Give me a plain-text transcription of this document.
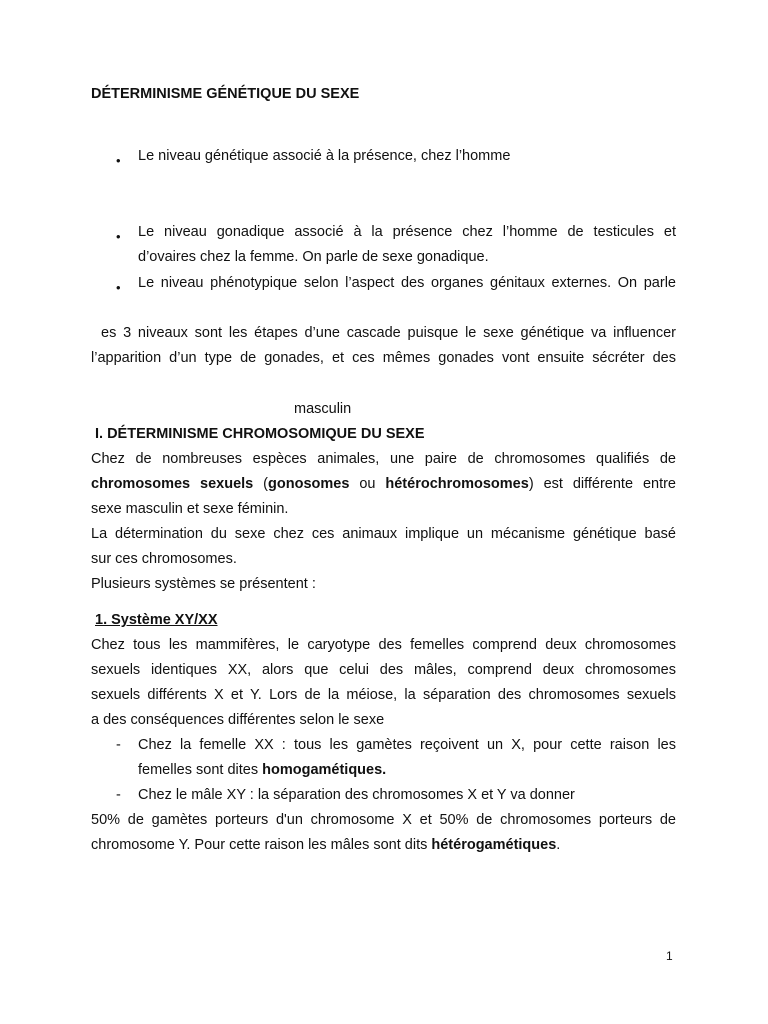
DÉTERMINISME GÉNÉTIQUE DU SEXE
• Le niveau génétique associé à la présence, chez l’homme
• Le niveau gonadique associé à la présence chez l’homme de testicules et
d’ovaires chez la femme. On parle de sexe gonadique.
• Le niveau phénotypique selon l’aspect des organes génitaux externes. On parle
es 3 niveaux sont les étapes d’une cascade puisque le sexe génétique va influencer
l’apparition d’un type de gonades, et ces mêmes gonades vont ensuite sécréter des
masculin
I. DÉTERMINISME CHROMOSOMIQUE DU SEXE
Chez de nombreuses espèces animales, une paire de chromosomes qualifiés de
chromosomes sexuels (gonosomes ou hétérochromosomes) est différente entre
sexe masculin et sexe féminin.
La détermination du sexe chez ces animaux implique un mécanisme génétique basé
sur ces chromosomes.
Plusieurs systèmes se présentent :
1. Système XY/XX
Chez tous les mammifères, le caryotype des femelles comprend deux chromosomes
sexuels identiques XX, alors que celui des mâles, comprend deux chromosomes
sexuels différents X et Y. Lors de la méiose, la séparation des chromosomes sexuels
a des conséquences différentes selon le sexe
- Chez la femelle XX : tous les gamètes reçoivent un X, pour cette raison les
femelles sont dites homogamétiques.
- Chez le mâle XY : la séparation des chromosomes X et Y va donner
50% de gamètes porteurs d'un chromosome X et 50% de chromosomes porteurs de
chromosome Y. Pour cette raison les mâles sont dits hétérogamétiques.
1
